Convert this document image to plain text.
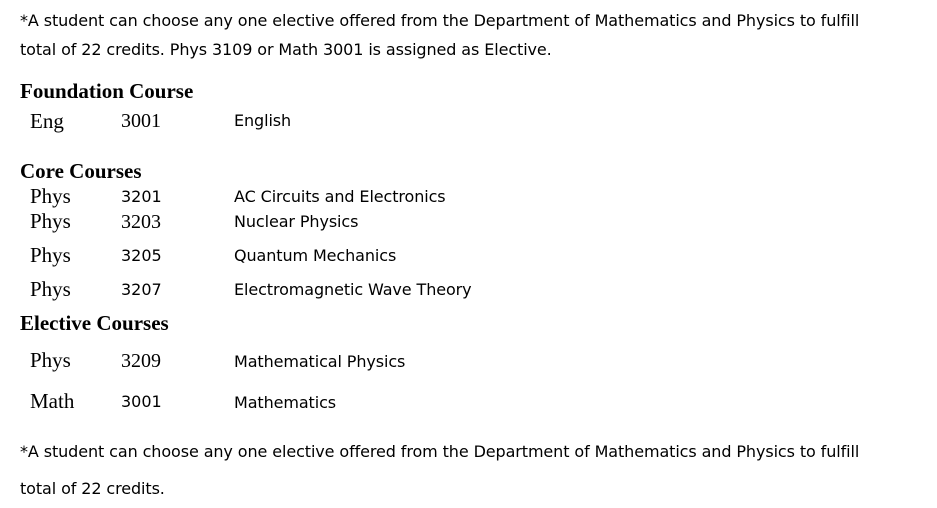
*A student can choose any one elective offered from the Department of Mathematics and Physics to fulfill
total of 22 credits. Phys 3109 or Math 3001 is assigned as Elective.
Foundation Course
Eng	3001	English
Core Courses
Phys	3201	AC Circuits and Electronics
Phys	3203	Nuclear Physics
Phys	3205	Quantum Mechanics
Phys	3207	Electromagnetic Wave Theory
Elective Courses
Phys	3209	Mathematical Physics
Math	3001	Mathematics
*A student can choose any one elective offered from the Department of Mathematics and Physics to fulfill
total of 22 credits.
